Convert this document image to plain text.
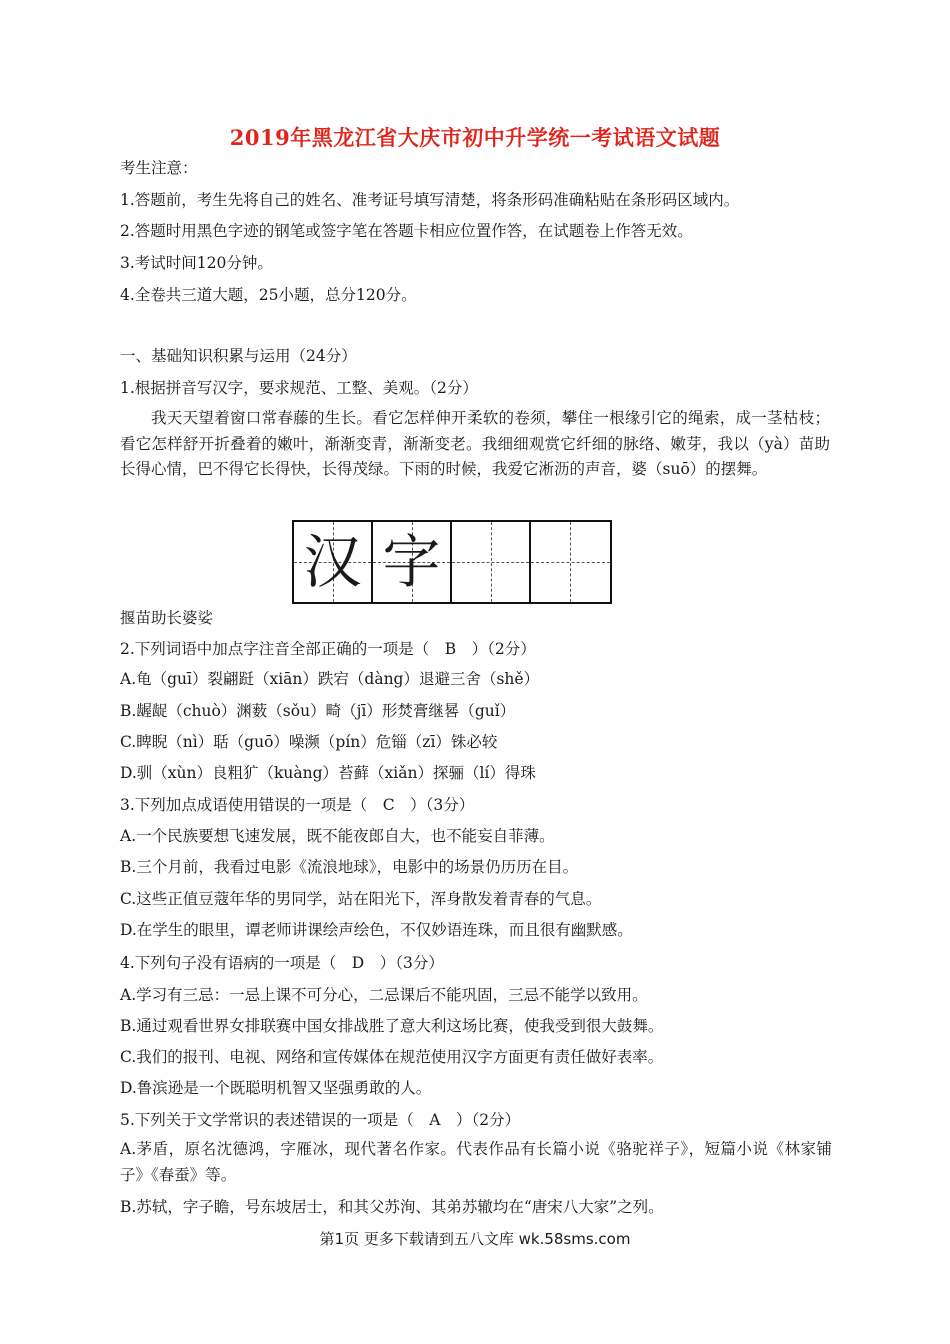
2019年黑龙江省大庆市初中升学统一考试语文试题
考生注意：
1.答题前，考生先将自己的姓名、准考证号填写清楚，将条形码准确粘贴在条形码区域内。
2.答题时用黑色字迹的钢笔或签字笔在答题卡相应位置作答，在试题卷上作答无效。
3.考试时间120分钟。
4.全卷共三道大题，25小题，总分120分。
一、基础知识积累与运用（24分）
1.根据拼音写汉字，要求规范、工整、美观。（2分）
我天天望着窗口常春藤的生长。看它怎样伸开柔软的卷须，攀住一根缘引它的绳索，成一茎枯枝；看它怎样舒开折叠着的嫩叶，渐渐变青，渐渐变老。我细细观赏它纤细的脉络、嫩芽，我以（yà）苗助长得心情，巴不得它长得快，长得茂绿。下雨的时候，我爱它淅沥的声音，婆（suō）的摆舞。
汉 字
揠苗助长婆娑
2.下列词语中加点字注音全部正确的一项是（　B　）（2分）
A.龟（guī）裂翩跹（xiān）跌宕（dàng）退避三舍（shě）
B.龌龊（chuò）渊薮（sǒu）畸（jī）形焚膏继晷（guǐ）
C.睥睨（nì）聒（guō）噪濒（pín）危锱（zī）铢必较
D.驯（xùn）良粗犷（kuàng）苔藓（xiǎn）探骊（lí）得珠
3.下列加点成语使用错误的一项是（　C　）（3分）
A.一个民族要想飞速发展，既不能夜郎自大，也不能妄自菲薄。
B.三个月前，我看过电影《流浪地球》，电影中的场景仍历历在目。
C.这些正值豆蔻年华的男同学，站在阳光下，浑身散发着青春的气息。
D.在学生的眼里，谭老师讲课绘声绘色，不仅妙语连珠，而且很有幽默感。
4.下列句子没有语病的一项是（　D　）（3分）
A.学习有三忌：一忌上课不可分心，二忌课后不能巩固，三忌不能学以致用。
B.通过观看世界女排联赛中国女排战胜了意大利这场比赛，使我受到很大鼓舞。
C.我们的报刊、电视、网络和宣传媒体在规范使用汉字方面更有责任做好表率。
D.鲁滨逊是一个既聪明机智又坚强勇敢的人。
5.下列关于文学常识的表述错误的一项是（　A　）（2分）
A.茅盾，原名沈德鸿，字雁冰，现代著名作家。代表作品有长篇小说《骆驼祥子》，短篇小说《林家铺子》《春蚕》等。
B.苏轼，字子瞻，号东坡居士，和其父苏洵、其弟苏辙均在“唐宋八大家”之列。
第1页 更多下载请到五八文库 wk.58sms.com
